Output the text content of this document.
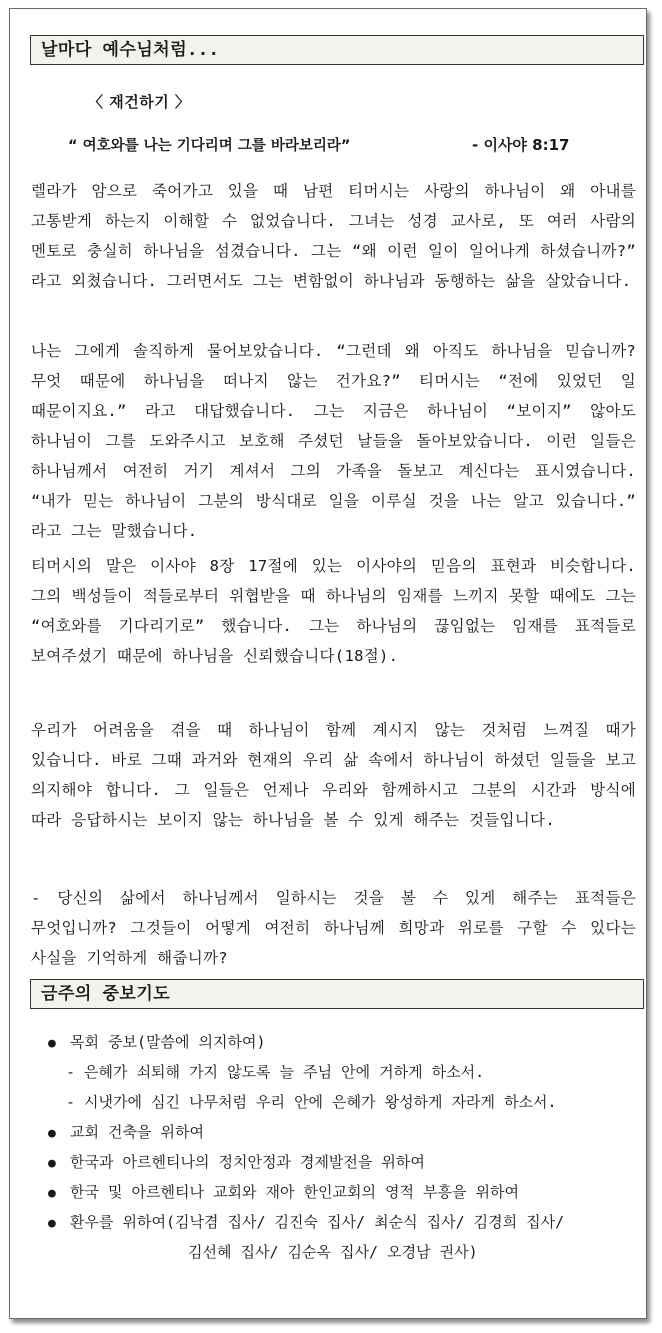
날마다 예수님처럼...
〈 재건하기 〉
“ 여호와를 나는 기다리며 그를 바라보리라”	- 이사야 8:17

렐라가 암으로 죽어가고 있을 때 남편 티머시는 사랑의 하나님이 왜 아내를 고통받게 하는지 이해할 수 없었습니다. 그녀는 성경 교사로, 또 여러 사람의 멘토로 충실히 하나님을 섬겼습니다. 그는 “왜 이런 일이 일어나게 하셨습니까?” 라고 외쳤습니다. 그러면서도 그는 변함없이 하나님과 동행하는 삶을 살았습니다.

나는 그에게 솔직하게 물어보았습니다. “그런데 왜 아직도 하나님을 믿습니까? 무엇 때문에 하나님을 떠나지 않는 건가요?” 티머시는 “전에 있었던 일 때문이지요.” 라고 대답했습니다. 그는 지금은 하나님이 “보이지” 않아도 하나님이 그를 도와주시고 보호해 주셨던 날들을 돌아보았습니다. 이런 일들은 하나님께서 여전히 거기 계셔서 그의 가족을 돌보고 계신다는 표시였습니다. “내가 믿는 하나님이 그분의 방식대로 일을 이루실 것을 나는 알고 있습니다.” 라고 그는 말했습니다.

티머시의 말은 이사야 8장 17절에 있는 이사야의 믿음의 표현과 비슷합니다. 그의 백성들이 적들로부터 위협받을 때 하나님의 임재를 느끼지 못할 때에도 그는 “여호와를 기다리기로” 했습니다. 그는 하나님의 끊임없는 임재를 표적들로 보여주셨기 때문에 하나님을 신뢰했습니다(18절).

우리가 어려움을 겪을 때 하나님이 함께 계시지 않는 것처럼 느껴질 때가 있습니다. 바로 그때 과거와 현재의 우리 삶 속에서 하나님이 하셨던 일들을 보고 의지해야 합니다. 그 일들은 언제나 우리와 함께하시고 그분의 시간과 방식에 따라 응답하시는 보이지 않는 하나님을 볼 수 있게 해주는 것들입니다.

- 당신의 삶에서 하나님께서 일하시는 것을 볼 수 있게 해주는 표적들은 무엇입니까? 그것들이 어떻게 여전히 하나님께 희망과 위로를 구할 수 있다는 사실을 기억하게 해줍니까?

금주의 중보기도
● 목회 중보(말씀에 의지하여)
- 은혜가 쇠퇴해 가지 않도록 늘 주님 안에 거하게 하소서.
- 시냇가에 심긴 나무처럼 우리 안에 은혜가 왕성하게 자라게 하소서.
● 교회 건축을 위하여
● 한국과 아르헨티나의 정치안정과 경제발전을 위하여
● 한국 및 아르헨티나 교회와 재아 한인교회의 영적 부흥을 위하여
● 환우를 위하여(김낙겸 집사/ 김진숙 집사/ 최순식 집사/ 김경희 집사/
김선혜 집사/ 김순옥 집사/ 오경남 권사)
